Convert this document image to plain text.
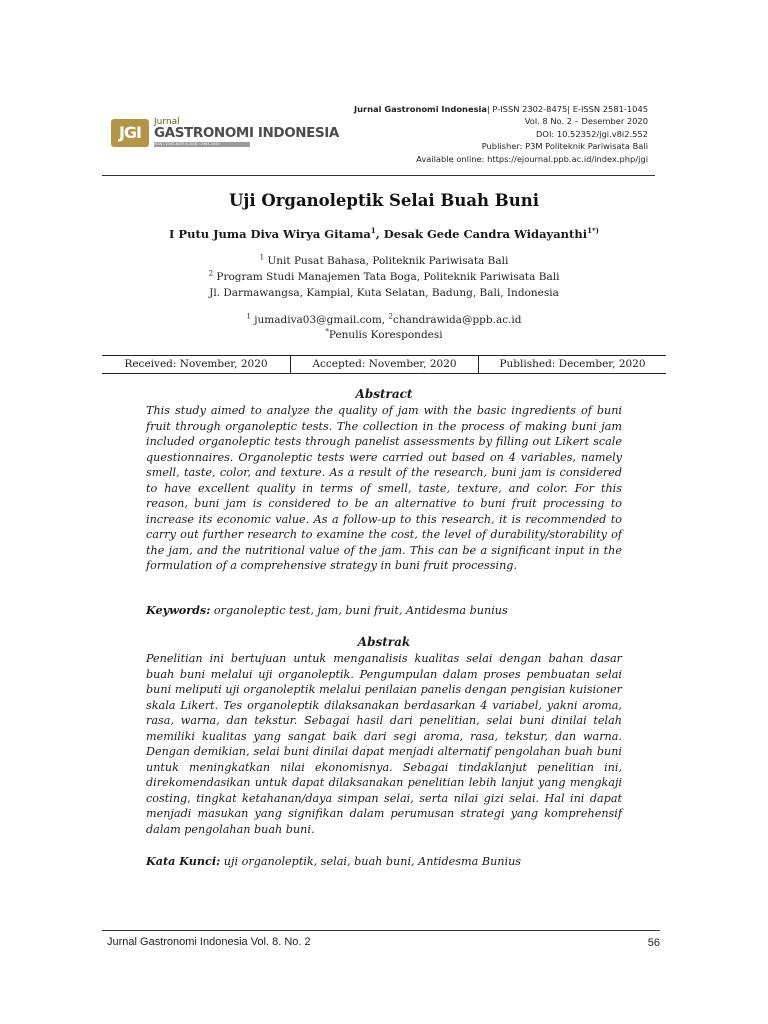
JGI
Jurnal
GASTRONOMI INDONESIA
ISSN : 2302-8475 E-ISSN : 2581-1045
Jurnal Gastronomi Indonesia| P-ISSN 2302-8475| E-ISSN 2581-1045
Vol. 8 No. 2 – Desember 2020
DOI: 10.52352/jgi.v8i2.552
Publisher: P3M Politeknik Pariwisata Bali
Available online: https://ejournal.ppb.ac.id/index.php/jgi
Uji Organoleptik Selai Buah Buni
I Putu Juma Diva Wirya Gitama$^1$, Desak Gede Candra Widayanthi$^{1*)}$
$^1$ Unit Pusat Bahasa, Politeknik Pariwisata Bali
$^2$ Program Studi Manajemen Tata Boga, Politeknik Pariwisata Bali
Jl. Darmawangsa, Kampial, Kuta Selatan, Badung, Bali, Indonesia
$^1$ jumadiva03@gmail.com, $^2$chandrawida@ppb.ac.id
*Penulis Korespondesi
Received: November, 2020	Accepted: November, 2020	Published: December, 2020
Abstract
This study aimed to analyze the quality of jam with the basic ingredients of buni fruit through organoleptic tests. The collection in the process of making buni jam included organoleptic tests through panelist assessments by filling out Likert scale questionnaires. Organoleptic tests were carried out based on 4 variables, namely smell, taste, color, and texture. As a result of the research, buni jam is considered to have excellent quality in terms of smell, taste, texture, and color. For this reason, buni jam is considered to be an alternative to buni fruit processing to increase its economic value. As a follow-up to this research, it is recommended to carry out further research to examine the cost, the level of durability/storability of the jam, and the nutritional value of the jam. This can be a significant input in the formulation of a comprehensive strategy in buni fruit processing.
Keywords: organoleptic test, jam, buni fruit, Antidesma bunius
Abstrak
Penelitian ini bertujuan untuk menganalisis kualitas selai dengan bahan dasar buah buni melalui uji organoleptik. Pengumpulan dalam proses pembuatan selai buni meliputi uji organoleptik melalui penilaian panelis dengan pengisian kuisioner skala Likert. Tes organoleptik dilaksanakan berdasarkan 4 variabel, yakni aroma, rasa, warna, dan tekstur. Sebagai hasil dari penelitian, selai buni dinilai telah memiliki kualitas yang sangat baik dari segi aroma, rasa, tekstur, dan warna. Dengan demikian, selai buni dinilai dapat menjadi alternatif pengolahan buah buni untuk meningkatkan nilai ekonomisnya. Sebagai tindaklanjut penelitian ini, direkomendasikan untuk dapat dilaksanakan penelitian lebih lanjut yang mengkaji costing, tingkat ketahanan/daya simpan selai, serta nilai gizi selai. Hal ini dapat menjadi masukan yang signifikan dalam perumusan strategi yang komprehensif dalam pengolahan buah buni.
Kata Kunci: uji organoleptik, selai, buah buni, Antidesma Bunius
Jurnal Gastronomi Indonesia Vol. 8. No. 2	56
